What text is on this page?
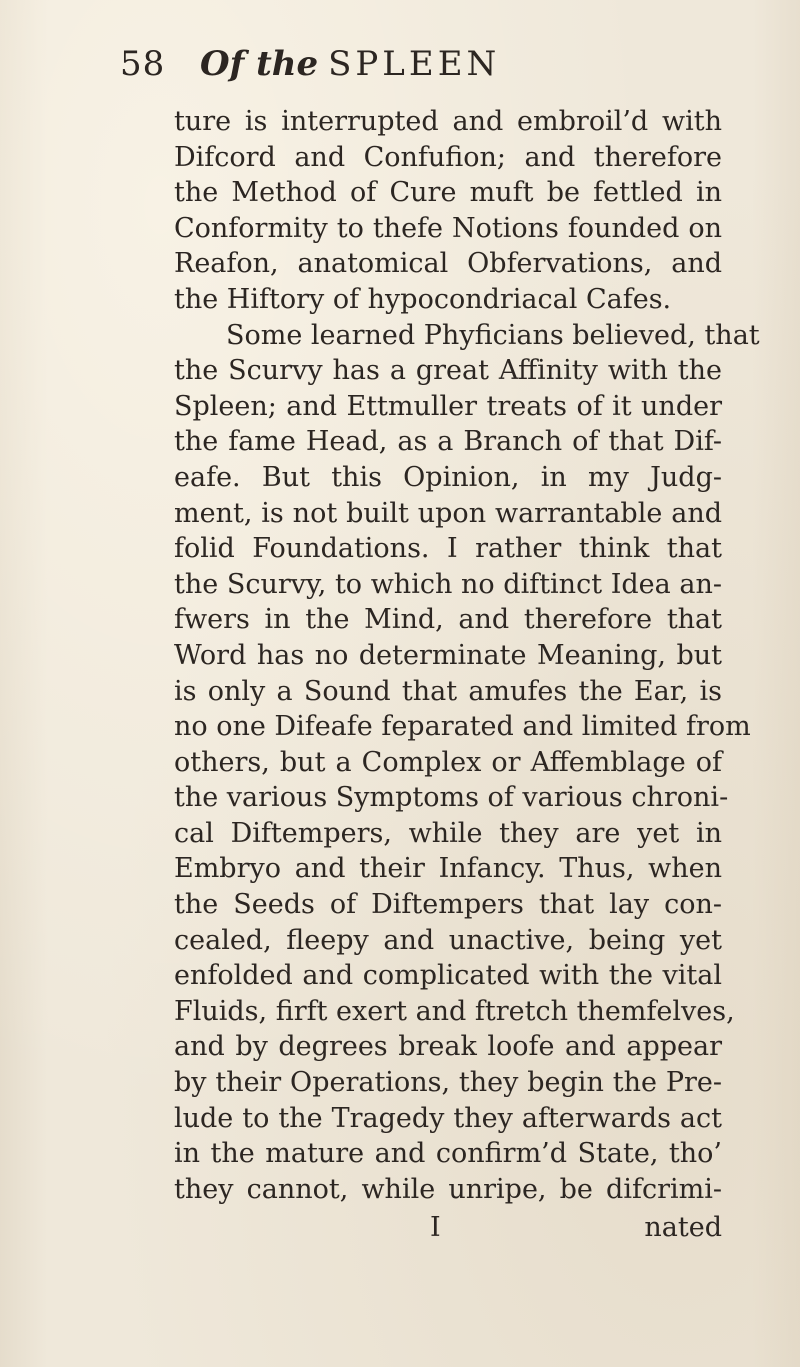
58 Of the SPLEEN
ture is interrupted and embroil’d with
Difcord and Confufion; and therefore
the Method of Cure muft be fettled in
Conformity to thefe Notions founded on
Reafon, anatomical Obfervations, and
the Hiftory of hypocondriacal Cafes.
Some learned Phyficians believed, that
the Scurvy has a great Affinity with the
Spleen; and Ettmuller treats of it under
the fame Head, as a Branch of that Dif-
eafe. But this Opinion, in my Judg-
ment, is not built upon warrantable and
folid Foundations. I rather think that
the Scurvy, to which no diftinct Idea an-
fwers in the Mind, and therefore that
Word has no determinate Meaning, but
is only a Sound that amufes the Ear, is
no one Difeafe feparated and limited from
others, but a Complex or Affemblage of
the various Symptoms of various chroni-
cal Diftempers, while they are yet in
Embryo and their Infancy. Thus, when
the Seeds of Diftempers that lay con-
cealed, fleepy and unactive, being yet
enfolded and complicated with the vital
Fluids, firft exert and ftretch themfelves,
and by degrees break loofe and appear
by their Operations, they begin the Pre-
lude to the Tragedy they afterwards act
in the mature and confirm’d State, tho’
they cannot, while unripe, be difcrimi-
I	nated
